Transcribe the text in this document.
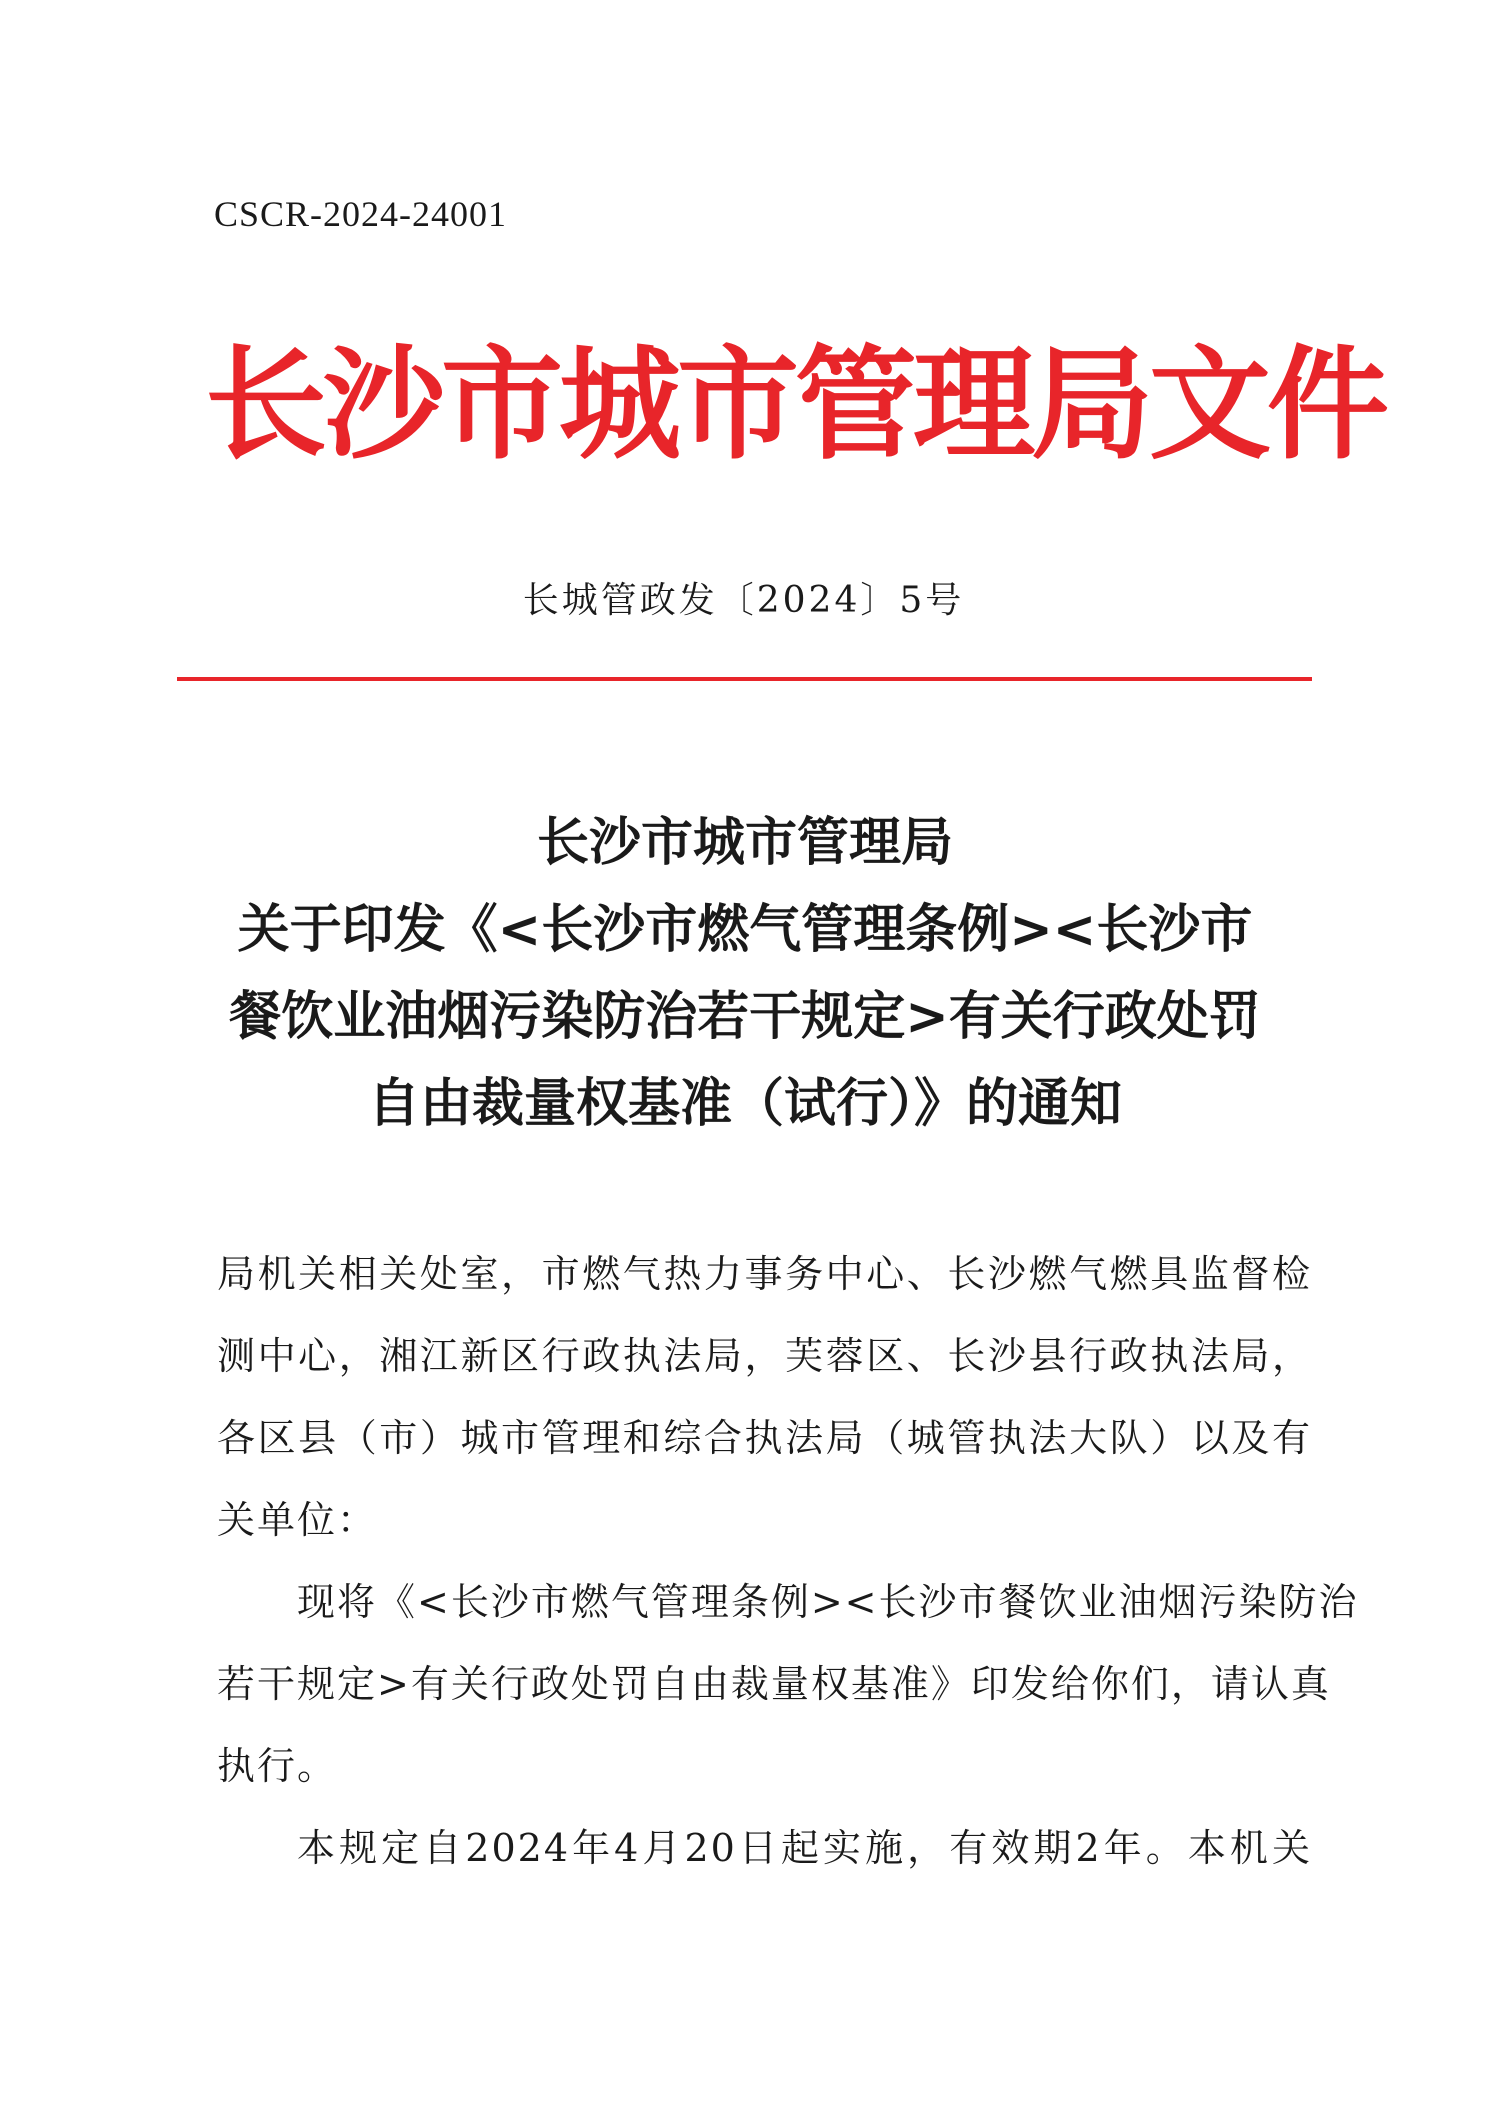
CSCR-2024-24001
长沙市城市管理局文件
长城管政发〔2024〕5号
长沙市城市管理局
关于印发《<长沙市燃气管理条例><长沙市
餐饮业油烟污染防治若干规定>有关行政处罚
自由裁量权基准（试行）》的通知
局机关相关处室，市燃气热力事务中心、长沙燃气燃具监督检
测中心，湘江新区行政执法局，芙蓉区、长沙县行政执法局，
各区县（市）城市管理和综合执法局（城管执法大队）以及有
关单位：
现将《<长沙市燃气管理条例><长沙市餐饮业油烟污染防治
若干规定>有关行政处罚自由裁量权基准》印发给你们，请认真
执行。
本规定自2024年4月20日起实施，有效期2年。本机关
